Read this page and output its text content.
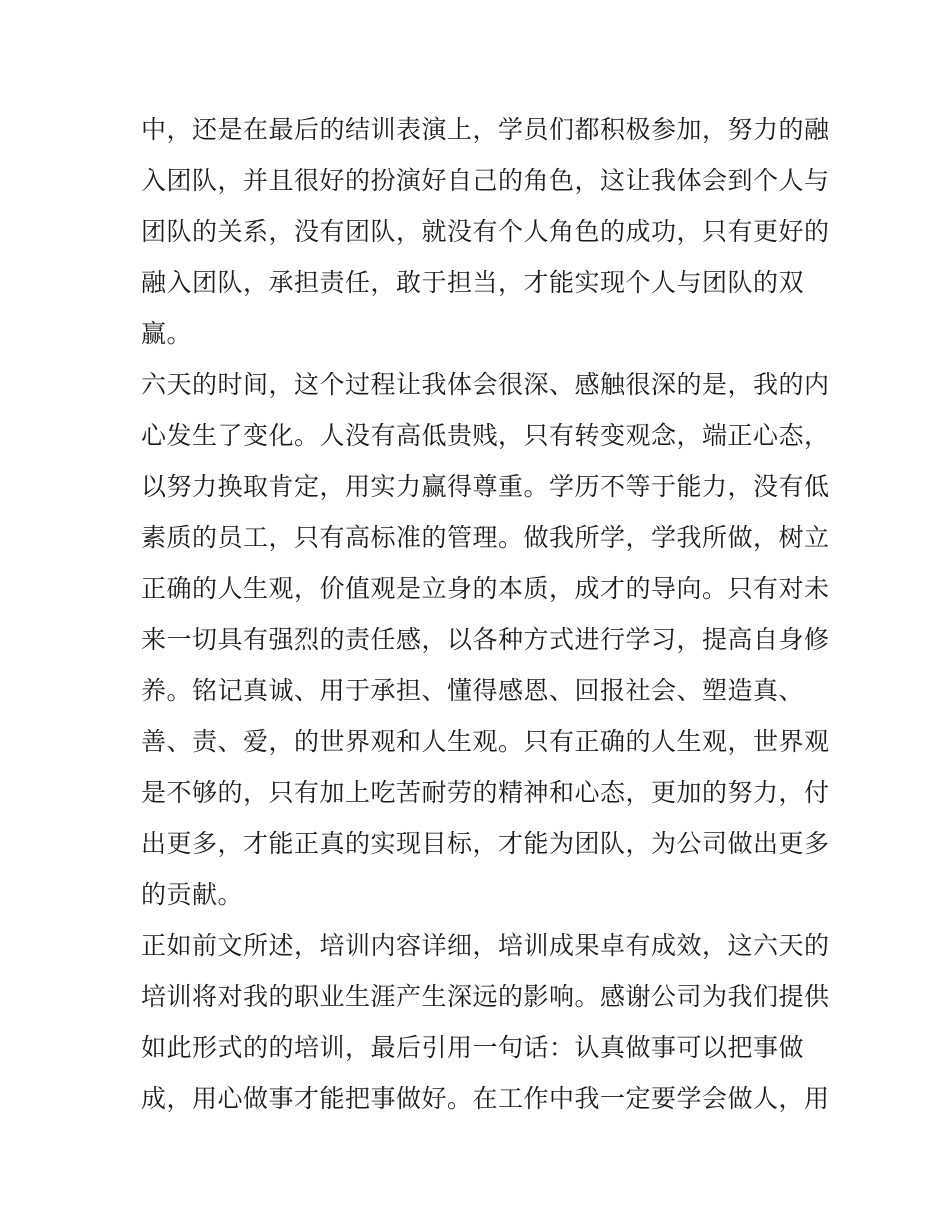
中，还是在最后的结训表演上，学员们都积极参加，努力的融
入团队，并且很好的扮演好自己的角色，这让我体会到个人与
团队的关系，没有团队，就没有个人角色的成功，只有更好的
融入团队，承担责任，敢于担当，才能实现个人与团队的双
赢。
六天的时间，这个过程让我体会很深、感触很深的是，我的内
心发生了变化。人没有高低贵贱，只有转变观念，端正心态，
以努力换取肯定，用实力赢得尊重。学历不等于能力，没有低
素质的员工，只有高标准的管理。做我所学，学我所做，树立
正确的人生观，价值观是立身的本质，成才的导向。只有对未
来一切具有强烈的责任感，以各种方式进行学习，提高自身修
养。铭记真诚、用于承担、懂得感恩、回报社会、塑造真、
善、责、爱，的世界观和人生观。只有正确的人生观，世界观
是不够的，只有加上吃苦耐劳的精神和心态，更加的努力，付
出更多，才能正真的实现目标，才能为团队，为公司做出更多
的贡献。
正如前文所述，培训内容详细，培训成果卓有成效，这六天的
培训将对我的职业生涯产生深远的影响。感谢公司为我们提供
如此形式的的培训，最后引用一句话：认真做事可以把事做
成，用心做事才能把事做好。在工作中我一定要学会做人，用
